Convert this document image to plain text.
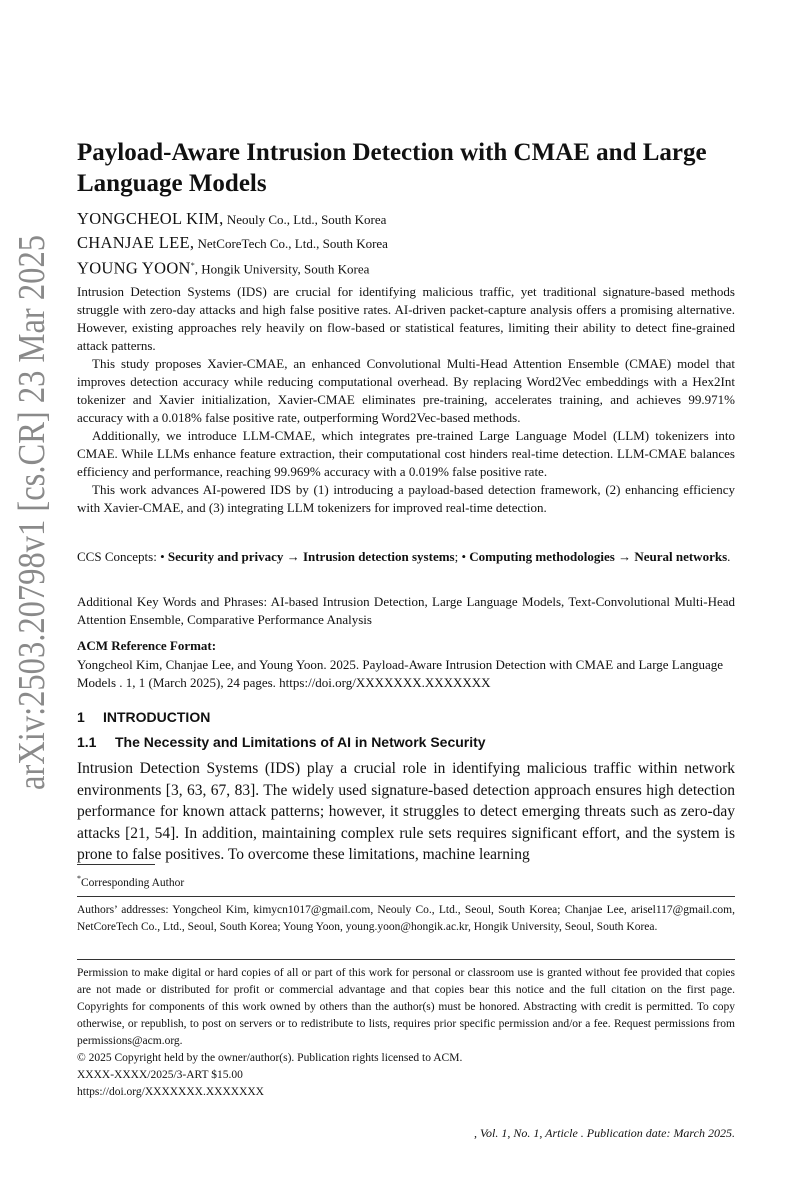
arXiv:2503.20798v1 [cs.CR] 23 Mar 2025 Payload-Aware Intrusion Detection with CMAE and Large Language Models
YONGCHEOL KIM, Neouly Co., Ltd., South Korea
CHANJAE LEE, NetCoreTech Co., Ltd., South Korea
YOUNG YOON*, Hongik University, South Korea

Intrusion Detection Systems (IDS) are crucial for identifying malicious traffic, yet traditional signature-based methods struggle with zero-day attacks and high false positive rates. AI-driven packet-capture analysis offers a promising alternative. However, existing approaches rely heavily on flow-based or statistical features, limiting their ability to detect fine-grained attack patterns.

This study proposes Xavier-CMAE, an enhanced Convolutional Multi-Head Attention Ensemble (CMAE) model that improves detection accuracy while reducing computational overhead. By replacing Word2Vec embeddings with a Hex2Int tokenizer and Xavier initialization, Xavier-CMAE eliminates pre-training, accelerates training, and achieves 99.971% accuracy with a 0.018% false positive rate, outperforming Word2Vec-based methods.

Additionally, we introduce LLM-CMAE, which integrates pre-trained Large Language Model (LLM) tokenizers into CMAE. While LLMs enhance feature extraction, their computational cost hinders real-time detection. LLM-CMAE balances efficiency and performance, reaching 99.969% accuracy with a 0.019% false positive rate.

This work advances AI-powered IDS by (1) introducing a payload-based detection framework, (2) enhancing efficiency with Xavier-CMAE, and (3) integrating LLM tokenizers for improved real-time detection.

CCS Concepts: • Security and privacy → Intrusion detection systems; • Computing methodologies → Neural networks.
Additional Key Words and Phrases: AI-based Intrusion Detection, Large Language Models, Text-Convolutional Multi-Head Attention Ensemble, Comparative Performance Analysis
ACM Reference Format:
Yongcheol Kim, Chanjae Lee, and Young Yoon. 2025. Payload-Aware Intrusion Detection with CMAE and Large Language Models . 1, 1 (March 2025), 24 pages. https://doi.org/XXXXXXX.XXXXXXX
1 INTRODUCTION
1.1 The Necessity and Limitations of AI in Network Security
Intrusion Detection Systems (IDS) play a crucial role in identifying malicious traffic within network environments [3, 63, 67, 83]. The widely used signature-based detection approach ensures high detection performance for known attack patterns; however, it struggles to detect emerging threats such as zero-day attacks [21, 54]. In addition, maintaining complex rule sets requires significant effort, and the system is prone to false positives. To overcome these limitations, machine learning
*Corresponding Author
Authors’ addresses: Yongcheol Kim, kimycn1017@gmail.com, Neouly Co., Ltd., Seoul, South Korea; Chanjae Lee, arisel117@gmail.com, NetCoreTech Co., Ltd., Seoul, South Korea; Young Yoon, young.yoon@hongik.ac.kr, Hongik University, Seoul, South Korea.
Permission to make digital or hard copies of all or part of this work for personal or classroom use is granted without fee provided that copies are not made or distributed for profit or commercial advantage and that copies bear this notice and the full citation on the first page. Copyrights for components of this work owned by others than the author(s) must be honored. Abstracting with credit is permitted. To copy otherwise, or republish, to post on servers or to redistribute to lists, requires prior specific permission and/or a fee. Request permissions from permissions@acm.org.
© 2025 Copyright held by the owner/author(s). Publication rights licensed to ACM.
XXXX-XXXX/2025/3-ART $15.00
https://doi.org/XXXXXXX.XXXXXXX
, Vol. 1, No. 1, Article . Publication date: March 2025.
